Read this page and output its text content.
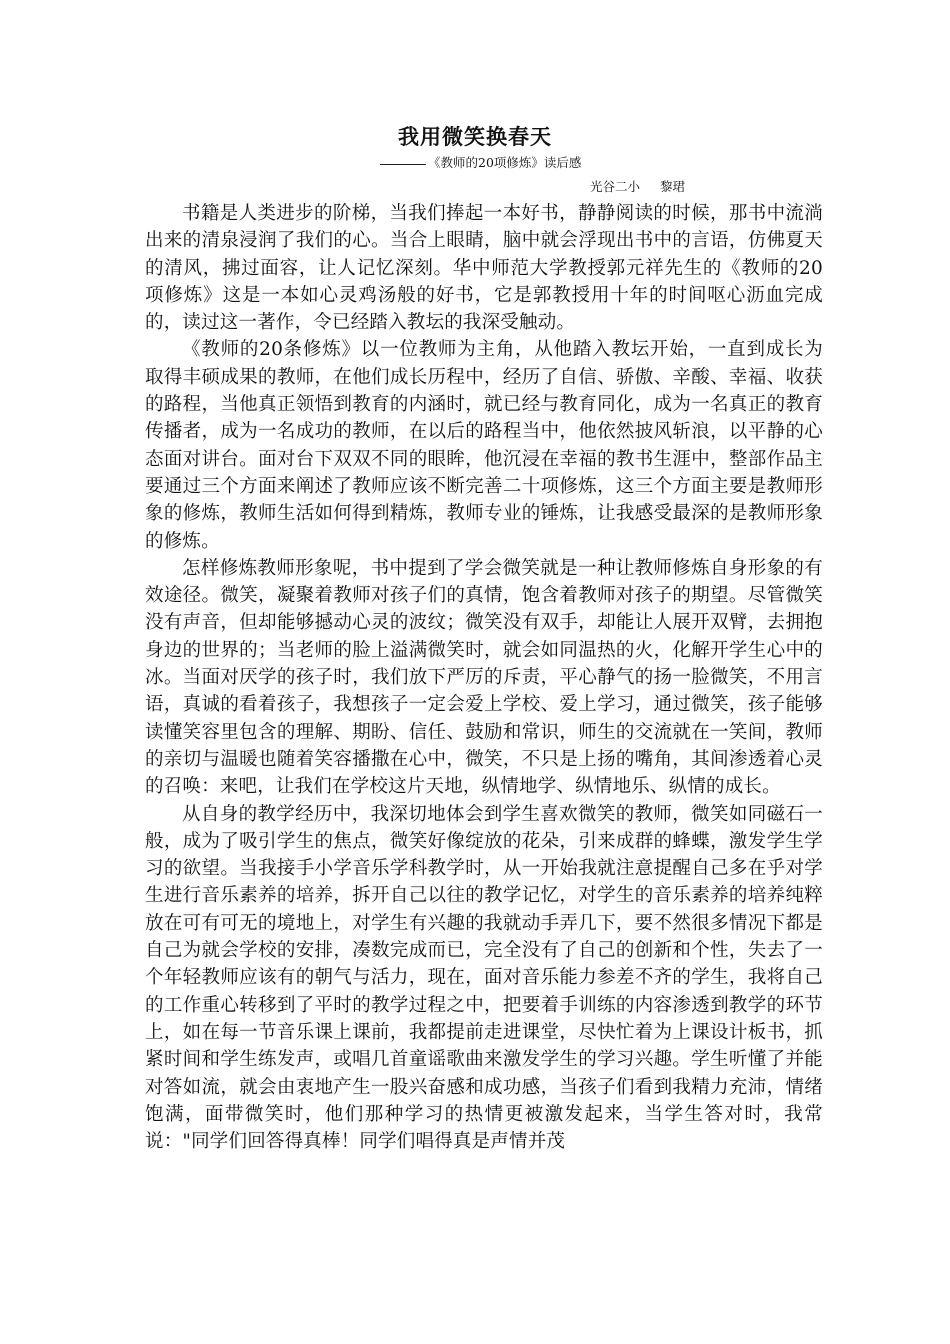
我用微笑换春天
《教师的20项修炼》读后感
光谷二小 黎珺

书籍是人类进步的阶梯，当我们捧起一本好书，静静阅读的时候，那书中流淌出来的清泉浸润了我们的心。当合上眼睛，脑中就会浮现出书中的言语，仿佛夏天的清风，拂过面容，让人记忆深刻。华中师范大学教授郭元祥先生的《教师的20项修炼》这是一本如心灵鸡汤般的好书，它是郭教授用十年的时间呕心沥血完成的，读过这一著作，令已经踏入教坛的我深受触动。

《教师的20条修炼》以一位教师为主角，从他踏入教坛开始，一直到成长为取得丰硕成果的教师，在他们成长历程中，经历了自信、骄傲、辛酸、幸福、收获的路程，当他真正领悟到教育的内涵时，就已经与教育同化，成为一名真正的教育传播者，成为一名成功的教师，在以后的路程当中，他依然披风斩浪，以平静的心态面对讲台。面对台下双双不同的眼眸，他沉浸在幸福的教书生涯中，整部作品主要通过三个方面来阐述了教师应该不断完善二十项修炼，这三个方面主要是教师形象的修炼，教师生活如何得到精炼，教师专业的锤炼，让我感受最深的是教师形象的修炼。

怎样修炼教师形象呢，书中提到了学会微笑就是一种让教师修炼自身形象的有效途径。微笑，凝聚着教师对孩子们的真情，饱含着教师对孩子的期望。尽管微笑没有声音，但却能够撼动心灵的波纹；微笑没有双手，却能让人展开双臂，去拥抱身边的世界的；当老师的脸上溢满微笑时，就会如同温热的火，化解开学生心中的冰。当面对厌学的孩子时，我们放下严厉的斥责，平心静气的扬一脸微笑，不用言语，真诚的看着孩子，我想孩子一定会爱上学校、爱上学习，通过微笑，孩子能够读懂笑容里包含的理解、期盼、信任、鼓励和常识，师生的交流就在一笑间，教师的亲切与温暖也随着笑容播撒在心中，微笑，不只是上扬的嘴角，其间渗透着心灵的召唤：来吧，让我们在学校这片天地，纵情地学、纵情地乐、纵情的成长。

从自身的教学经历中，我深切地体会到学生喜欢微笑的教师，微笑如同磁石一般，成为了吸引学生的焦点，微笑好像绽放的花朵，引来成群的蜂蝶，激发学生学习的欲望。当我接手小学音乐学科教学时，从一开始我就注意提醒自己多在乎对学生进行音乐素养的培养，拆开自己以往的教学记忆，对学生的音乐素养的培养纯粹放在可有可无的境地上，对学生有兴趣的我就动手弄几下，要不然很多情况下都是自己为就会学校的安排，凑数完成而已，完全没有了自己的创新和个性，失去了一个年轻教师应该有的朝气与活力，现在，面对音乐能力参差不齐的学生，我将自己的工作重心转移到了平时的教学过程之中，把要着手训练的内容渗透到教学的环节上，如在每一节音乐课上课前，我都提前走进课堂，尽快忙着为上课设计板书，抓紧时间和学生练发声，或唱几首童谣歌曲来激发学生的学习兴趣。学生听懂了并能对答如流，就会由衷地产生一股兴奋感和成功感，当孩子们看到我精力充沛，情绪饱满，面带微笑时，他们那种学习的热情更被激发起来，当学生答对时，我常说："同学们回答得真棒！同学们唱得真是声情并茂
